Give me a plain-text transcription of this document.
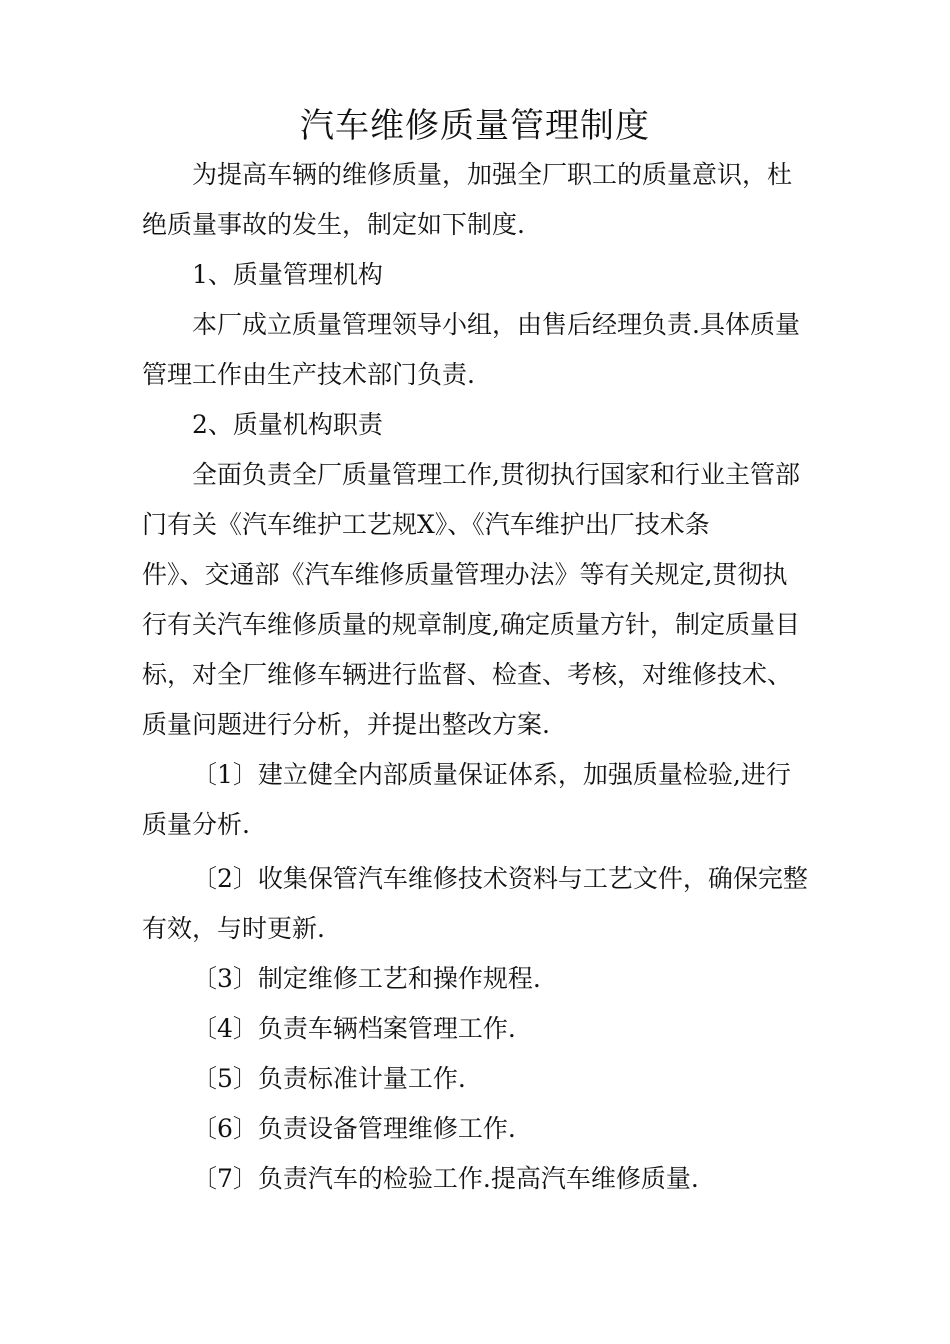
汽车维修质量管理制度
为提高车辆的维修质量，加强全厂职工的质量意识，杜
绝质量事故的发生，制定如下制度.
1、质量管理机构
本厂成立质量管理领导小组，由售后经理负责.具体质量
管理工作由生产技术部门负责.
2、质量机构职责
全面负责全厂质量管理工作,贯彻执行国家和行业主管部
门有关《汽车维护工艺规X》、《汽车维护出厂技术条
件》、交通部《汽车维修质量管理办法》等有关规定,贯彻执
行有关汽车维修质量的规章制度,确定质量方针，制定质量目
标，对全厂维修车辆进行监督、检查、考核，对维修技术、
质量问题进行分析，并提出整改方案.
〔1〕建立健全内部质量保证体系，加强质量检验,进行
质量分析.
〔2〕收集保管汽车维修技术资料与工艺文件，确保完整
有效，与时更新.
〔3〕制定维修工艺和操作规程.
〔4〕负责车辆档案管理工作.
〔5〕负责标准计量工作.
〔6〕负责设备管理维修工作.
〔7〕负责汽车的检验工作.提高汽车维修质量.
